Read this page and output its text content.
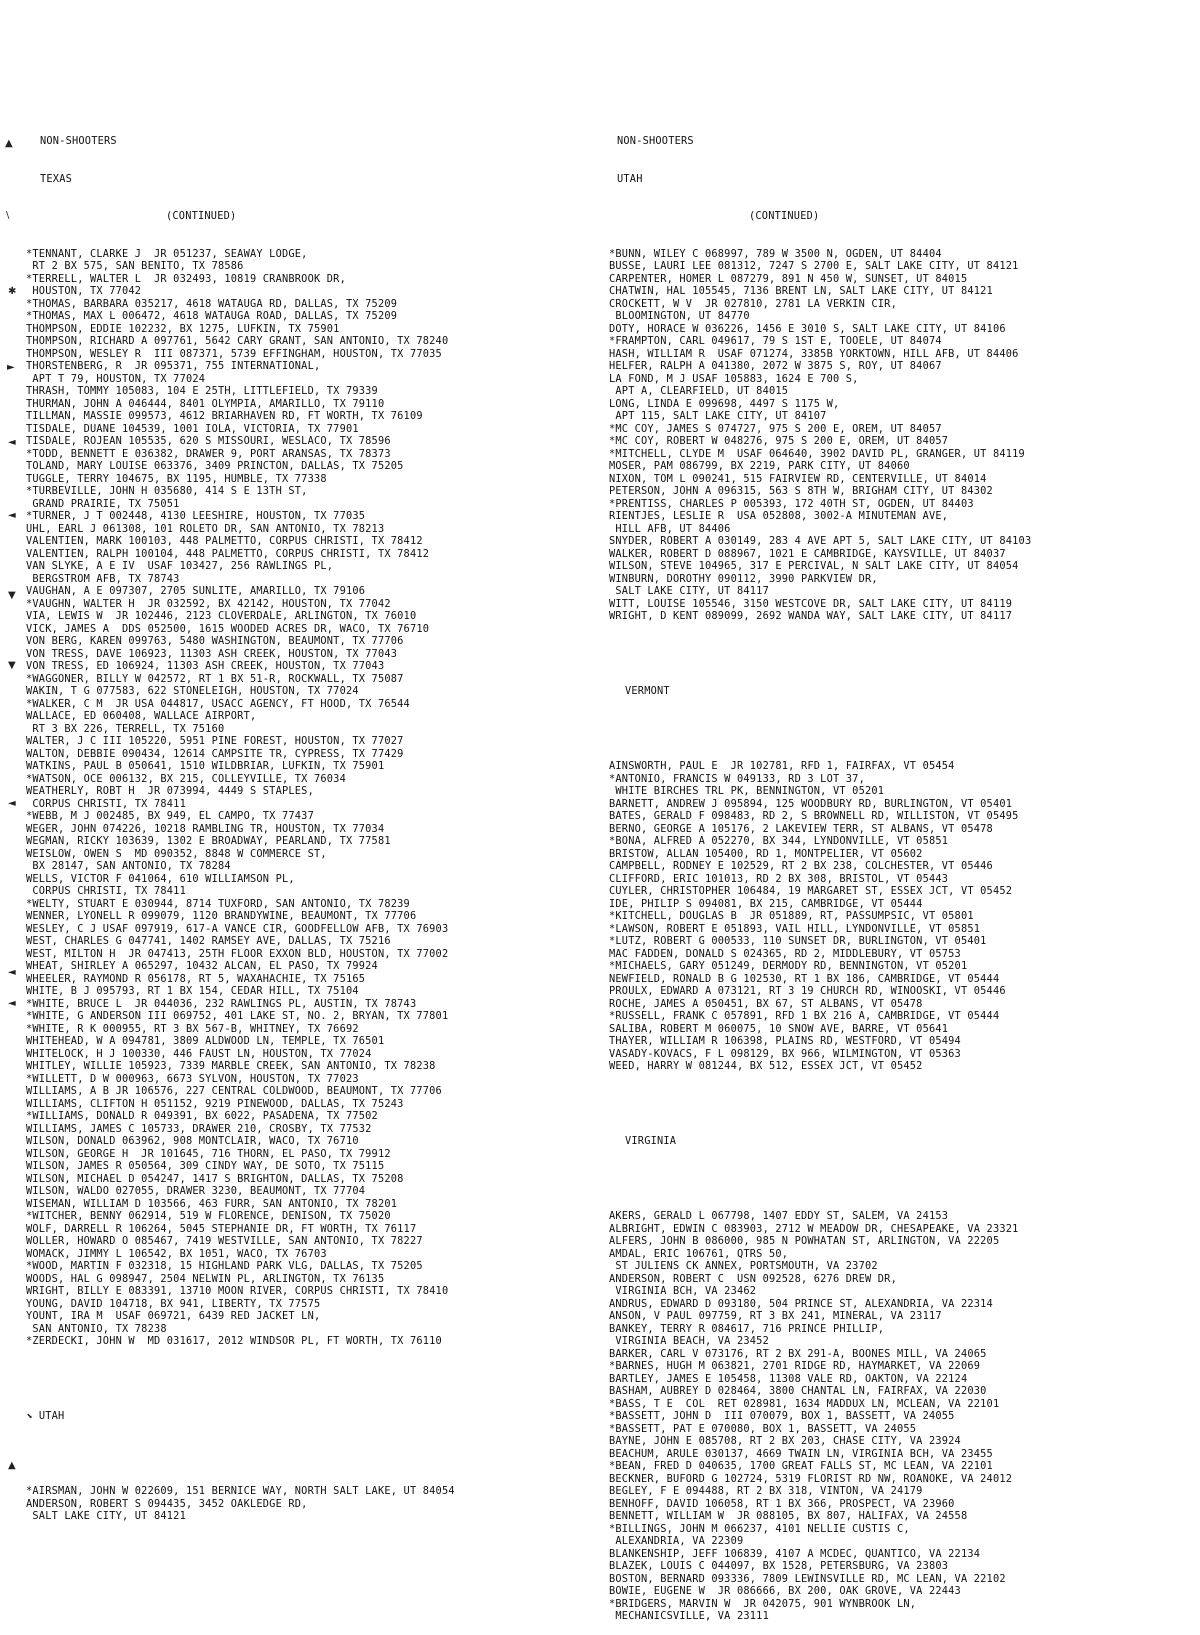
NON-SHOOTERS

TEXAS

(CONTINUED)

*TENNANT, CLARKE J  JR 051237, SEAWAY LODGE,
RT 2 BX 575, SAN BENITO, TX 78586
*TERRELL, WALTER L  JR 032493, 10819 CRANBROOK DR,
HOUSTON, TX 77042
*THOMAS, BARBARA 035217, 4618 WATAUGA RD, DALLAS, TX 75209
*THOMAS, MAX L 006472, 4618 WATAUGA ROAD, DALLAS, TX 75209
THOMPSON, EDDIE 102232, BX 1275, LUFKIN, TX 75901
THOMPSON, RICHARD A 097761, 5642 CARY GRANT, SAN ANTONIO, TX 78240
THOMPSON, WESLEY R  III 087371, 5739 EFFINGHAM, HOUSTON, TX 77035
THORSTENBERG, R  JR 095371, 755 INTERNATIONAL,
APT T 79, HOUSTON, TX 77024
THRASH, TOMMY 105083, 104 E 25TH, LITTLEFIELD, TX 79339
THURMAN, JOHN A 046444, 8401 OLYMPIA, AMARILLO, TX 79110
TILLMAN, MASSIE 099573, 4612 BRIARHAVEN RD, FT WORTH, TX 76109
TISDALE, DUANE 104539, 1001 IOLA, VICTORIA, TX 77901
TISDALE, ROJEAN 105535, 620 S MISSOURI, WESLACO, TX 78596
*TODD, BENNETT E 036382, DRAWER 9, PORT ARANSAS, TX 78373
TOLAND, MARY LOUISE 063376, 3409 PRINCTON, DALLAS, TX 75205
TUGGLE, TERRY 104675, BX 1195, HUMBLE, TX 77338
*TURBEVILLE, JOHN H 035680, 414 S E 13TH ST,
GRAND PRAIRIE, TX 75051
*TURNER, J T 002448, 4130 LEESHIRE, HOUSTON, TX 77035
UHL, EARL J 061308, 101 ROLETO DR, SAN ANTONIO, TX 78213
VALENTIEN, MARK 100103, 448 PALMETTO, CORPUS CHRISTI, TX 78412
VALENTIEN, RALPH 100104, 448 PALMETTO, CORPUS CHRISTI, TX 78412
VAN SLYKE, A E IV  USAF 103427, 256 RAWLINGS PL,
BERGSTROM AFB, TX 78743
VAUGHAN, A E 097307, 2705 SUNLITE, AMARILLO, TX 79106
*VAUGHN, WALTER H  JR 032592, BX 42142, HOUSTON, TX 77042
VIA, LEWIS W  JR 102446, 2123 CLOVERDALE, ARLINGTON, TX 76010
VICK, JAMES A  DDS 052500, 1615 WOODED ACRES DR, WACO, TX 76710
VON BERG, KAREN 099763, 5480 WASHINGTON, BEAUMONT, TX 77706
VON TRESS, DAVE 106923, 11303 ASH CREEK, HOUSTON, TX 77043
VON TRESS, ED 106924, 11303 ASH CREEK, HOUSTON, TX 77043
*WAGGONER, BILLY W 042572, RT 1 BX 51-R, ROCKWALL, TX 75087
WAKIN, T G 077583, 622 STONELEIGH, HOUSTON, TX 77024
*WALKER, C M  JR USA 044817, USACC AGENCY, FT HOOD, TX 76544
WALLACE, ED 060408, WALLACE AIRPORT,
RT 3 BX 226, TERRELL, TX 75160
WALTER, J C III 105220, 5951 PINE FOREST, HOUSTON, TX 77027
WALTON, DEBBIE 090434, 12614 CAMPSITE TR, CYPRESS, TX 77429
WATKINS, PAUL B 050641, 1510 WILDBRIAR, LUFKIN, TX 75901
*WATSON, OCE 006132, BX 215, COLLEYVILLE, TX 76034
WEATHERLY, ROBT H  JR 073994, 4449 S STAPLES,
CORPUS CHRISTI, TX 78411
*WEBB, M J 002485, BX 949, EL CAMPO, TX 77437
WEGER, JOHN 074226, 10218 RAMBLING TR, HOUSTON, TX 77034
WEGMAN, RICKY 103639, 1302 E BROADWAY, PEARLAND, TX 77581
WEISLOW, OWEN S  MD 090352, 8848 W COMMERCE ST,
BX 28147, SAN ANTONIO, TX 78284
WELLS, VICTOR F 041064, 610 WILLIAMSON PL,
CORPUS CHRISTI, TX 78411
*WELTY, STUART E 030944, 8714 TUXFORD, SAN ANTONIO, TX 78239
WENNER, LYONELL R 099079, 1120 BRANDYWINE, BEAUMONT, TX 77706
WESLEY, C J USAF 097919, 617-A VANCE CIR, GOODFELLOW AFB, TX 76903
WEST, CHARLES G 047741, 1402 RAMSEY AVE, DALLAS, TX 75216
WEST, MILTON H  JR 047413, 25TH FLOOR EXXON BLD, HOUSTON, TX 77002
WHEAT, SHIRLEY A 065297, 10432 ALCAN, EL PASO, TX 79924
WHEELER, RAYMOND R 056178, RT 5, WAXAHACHIE, TX 75165
WHITE, B J 095793, RT 1 BX 154, CEDAR HILL, TX 75104
*WHITE, BRUCE L  JR 044036, 232 RAWLINGS PL, AUSTIN, TX 78743
*WHITE, G ANDERSON III 069752, 401 LAKE ST, NO. 2, BRYAN, TX 77801
*WHITE, R K 000955, RT 3 BX 567-B, WHITNEY, TX 76692
WHITEHEAD, W A 094781, 3809 ALDWOOD LN, TEMPLE, TX 76501
WHITELOCK, H J 100330, 446 FAUST LN, HOUSTON, TX 77024
WHITLEY, WILLIE 105923, 7339 MARBLE CREEK, SAN ANTONIO, TX 78238
*WILLETT, D W 000963, 6673 SYLVON, HOUSTON, TX 77023
WILLIAMS, A B JR 106576, 227 CENTRAL COLDWOOD, BEAUMONT, TX 77706
WILLIAMS, CLIFTON H 051152, 9219 PINEWOOD, DALLAS, TX 75243
*WILLIAMS, DONALD R 049391, BX 6022, PASADENA, TX 77502
WILLIAMS, JAMES C 105733, DRAWER 210, CROSBY, TX 77532
WILSON, DONALD 063962, 908 MONTCLAIR, WACO, TX 76710
WILSON, GEORGE H  JR 101645, 716 THORN, EL PASO, TX 79912
WILSON, JAMES R 050564, 309 CINDY WAY, DE SOTO, TX 75115
WILSON, MICHAEL D 054247, 1417 S BRIGHTON, DALLAS, TX 75208
WILSON, WALDO 027055, DRAWER 3230, BEAUMONT, TX 77704
WISEMAN, WILLIAM D 103566, 463 FURR, SAN ANTONIO, TX 78201
*WITCHER, BENNY 062914, 519 W FLORENCE, DENISON, TX 75020
WOLF, DARRELL R 106264, 5045 STEPHANIE DR, FT WORTH, TX 76117
WOLLER, HOWARD O 085467, 7419 WESTVILLE, SAN ANTONIO, TX 78227
WOMACK, JIMMY L 106542, BX 1051, WACO, TX 76703
*WOOD, MARTIN F 032318, 15 HIGHLAND PARK VLG, DALLAS, TX 75205
WOODS, HAL G 098947, 2504 NELWIN PL, ARLINGTON, TX 76135
WRIGHT, BILLY E 083391, 13710 MOON RIVER, CORPUS CHRISTI, TX 78410
YOUNG, DAVID 104718, BX 941, LIBERTY, TX 77575
YOUNT, IRA M  USAF 069721, 6439 RED JACKET LN,
SAN ANTONIO, TX 78238
*ZERDECKI, JOHN W  MD 031617, 2012 WINDSOR PL, FT WORTH, TX 76110

⬊ UTAH

*AIRSMAN, JOHN W 022609, 151 BERNICE WAY, NORTH SALT LAKE, UT 84054
ANDERSON, ROBERT S 094435, 3452 OAKLEDGE RD,
SALT LAKE CITY, UT 84121

NON-SHOOTERS

UTAH

(CONTINUED)

*BUNN, WILEY C 068997, 789 W 3500 N, OGDEN, UT 84404
BUSSE, LAURI LEE 081312, 7247 S 2700 E, SALT LAKE CITY, UT 84121
CARPENTER, HOMER L 087279, 891 N 450 W, SUNSET, UT 84015
CHATWIN, HAL 105545, 7136 BRENT LN, SALT LAKE CITY, UT 84121
CROCKETT, W V  JR 027810, 2781 LA VERKIN CIR,
BLOOMINGTON, UT 84770
DOTY, HORACE W 036226, 1456 E 3010 S, SALT LAKE CITY, UT 84106
*FRAMPTON, CARL 049617, 79 S 1ST E, TOOELE, UT 84074
HASH, WILLIAM R  USAF 071274, 3385B YORKTOWN, HILL AFB, UT 84406
HELFER, RALPH A 041380, 2072 W 3875 S, ROY, UT 84067
LA FOND, M J USAF 105883, 1624 E 700 S,
APT A, CLEARFIELD, UT 84015
LONG, LINDA E 099698, 4497 S 1175 W,
APT 115, SALT LAKE CITY, UT 84107
*MC COY, JAMES S 074727, 975 S 200 E, OREM, UT 84057
*MC COY, ROBERT W 048276, 975 S 200 E, OREM, UT 84057
*MITCHELL, CLYDE M  USAF 064640, 3902 DAVID PL, GRANGER, UT 84119
MOSER, PAM 086799, BX 2219, PARK CITY, UT 84060
NIXON, TOM L 090241, 515 FAIRVIEW RD, CENTERVILLE, UT 84014
PETERSON, JOHN A 096315, 563 S 8TH W, BRIGHAM CITY, UT 84302
*PRENTISS, CHARLES P 005393, 172 40TH ST, OGDEN, UT 84403
RIENTJES, LESLIE R  USA 052808, 3002-A MINUTEMAN AVE,
HILL AFB, UT 84406
SNYDER, ROBERT A 030149, 283 4 AVE APT 5, SALT LAKE CITY, UT 84103
WALKER, ROBERT D 088967, 1021 E CAMBRIDGE, KAYSVILLE, UT 84037
WILSON, STEVE 104965, 317 E PERCIVAL, N SALT LAKE CITY, UT 84054
WINBURN, DOROTHY 090112, 3990 PARKVIEW DR,
SALT LAKE CITY, UT 84117
WITT, LOUISE 105546, 3150 WESTCOVE DR, SALT LAKE CITY, UT 84119
WRIGHT, D KENT 089099, 2692 WANDA WAY, SALT LAKE CITY, UT 84117

VERMONT

AINSWORTH, PAUL E  JR 102781, RFD 1, FAIRFAX, VT 05454
*ANTONIO, FRANCIS W 049133, RD 3 LOT 37,
WHITE BIRCHES TRL PK, BENNINGTON, VT 05201
BARNETT, ANDREW J 095894, 125 WOODBURY RD, BURLINGTON, VT 05401
BATES, GERALD F 098483, RD 2, S BROWNELL RD, WILLISTON, VT 05495
BERNO, GEORGE A 105176, 2 LAKEVIEW TERR, ST ALBANS, VT 05478
*BONA, ALFRED A 052270, BX 344, LYNDONVILLE, VT 05851
BRISTOW, ALLAN 105400, RD 1, MONTPELIER, VT 05602
CAMPBELL, RODNEY E 102529, RT 2 BX 238, COLCHESTER, VT 05446
CLIFFORD, ERIC 101013, RD 2 BX 308, BRISTOL, VT 05443
CUYLER, CHRISTOPHER 106484, 19 MARGARET ST, ESSEX JCT, VT 05452
IDE, PHILIP S 094081, BX 215, CAMBRIDGE, VT 05444
*KITCHELL, DOUGLAS B  JR 051889, RT, PASSUMPSIC, VT 05801
*LAWSON, ROBERT E 051893, VAIL HILL, LYNDONVILLE, VT 05851
*LUTZ, ROBERT G 000533, 110 SUNSET DR, BURLINGTON, VT 05401
MAC FADDEN, DONALD S 024365, RD 2, MIDDLEBURY, VT 05753
*MICHAELS, GARY 051249, DERMODY RD, BENNINGTON, VT 05201
NEWFIELD, RONALD B G 102530, RT 1 BX 186, CAMBRIDGE, VT 05444
PROULX, EDWARD A 073121, RT 3 19 CHURCH RD, WINOOSKI, VT 05446
ROCHE, JAMES A 050451, BX 67, ST ALBANS, VT 05478
*RUSSELL, FRANK C 057891, RFD 1 BX 216 A, CAMBRIDGE, VT 05444
SALIBA, ROBERT M 060075, 10 SNOW AVE, BARRE, VT 05641
THAYER, WILLIAM R 106398, PLAINS RD, WESTFORD, VT 05494
VASADY-KOVACS, F L 098129, BX 966, WILMINGTON, VT 05363
WEED, HARRY W 081244, BX 512, ESSEX JCT, VT 05452

VIRGINIA

AKERS, GERALD L 067798, 1407 EDDY ST, SALEM, VA 24153
ALBRIGHT, EDWIN C 083903, 2712 W MEADOW DR, CHESAPEAKE, VA 23321
ALFERS, JOHN B 086000, 985 N POWHATAN ST, ARLINGTON, VA 22205
AMDAL, ERIC 106761, QTRS 50,
ST JULIENS CK ANNEX, PORTSMOUTH, VA 23702
ANDERSON, ROBERT C  USN 092528, 6276 DREW DR,
VIRGINIA BCH, VA 23462
ANDRUS, EDWARD D 093180, 504 PRINCE ST, ALEXANDRIA, VA 22314
ANSON, V PAUL 097759, RT 3 BX 241, MINERAL, VA 23117
BANKEY, TERRY R 084617, 716 PRINCE PHILLIP,
VIRGINIA BEACH, VA 23452
BARKER, CARL V 073176, RT 2 BX 291-A, BOONES MILL, VA 24065
*BARNES, HUGH M 063821, 2701 RIDGE RD, HAYMARKET, VA 22069
BARTLEY, JAMES E 105458, 11308 VALE RD, OAKTON, VA 22124
BASHAM, AUBREY D 028464, 3800 CHANTAL LN, FAIRFAX, VA 22030
*BASS, T E  COL  RET 028981, 1634 MADDUX LN, MCLEAN, VA 22101
*BASSETT, JOHN D  III 070079, BOX 1, BASSETT, VA 24055
*BASSETT, PAT E 070080, BOX 1, BASSETT, VA 24055
BAYNE, JOHN E 085708, RT 2 BX 203, CHASE CITY, VA 23924
BEACHUM, ARULE 030137, 4669 TWAIN LN, VIRGINIA BCH, VA 23455
*BEAN, FRED D 040635, 1700 GREAT FALLS ST, MC LEAN, VA 22101
BECKNER, BUFORD G 102724, 5319 FLORIST RD NW, ROANOKE, VA 24012
BEGLEY, F E 094488, RT 2 BX 318, VINTON, VA 24179
BENHOFF, DAVID 106058, RT 1 BX 366, PROSPECT, VA 23960
BENNETT, WILLIAM W  JR 088105, BX 807, HALIFAX, VA 24558
*BILLINGS, JOHN M 066237, 4101 NELLIE CUSTIS C,
ALEXANDRIA, VA 22309
BLANKENSHIP, JEFF 106839, 4107 A MCDEC, QUANTICO, VA 22134
BLAZEK, LOUIS C 044097, BX 1528, PETERSBURG, VA 23803
BOSTON, BERNARD 093336, 7809 LEWINSVILLE RD, MC LEAN, VA 22102
BOWIE, EUGENE W  JR 086666, BX 200, OAK GROVE, VA 22443
*BRIDGERS, MARVIN W  JR 042075, 901 WYNBROOK LN,
MECHANICSVILLE, VA 23111

▲
\
✱
►
◄
◄
▼
▼
◄
◄
◄
▲
